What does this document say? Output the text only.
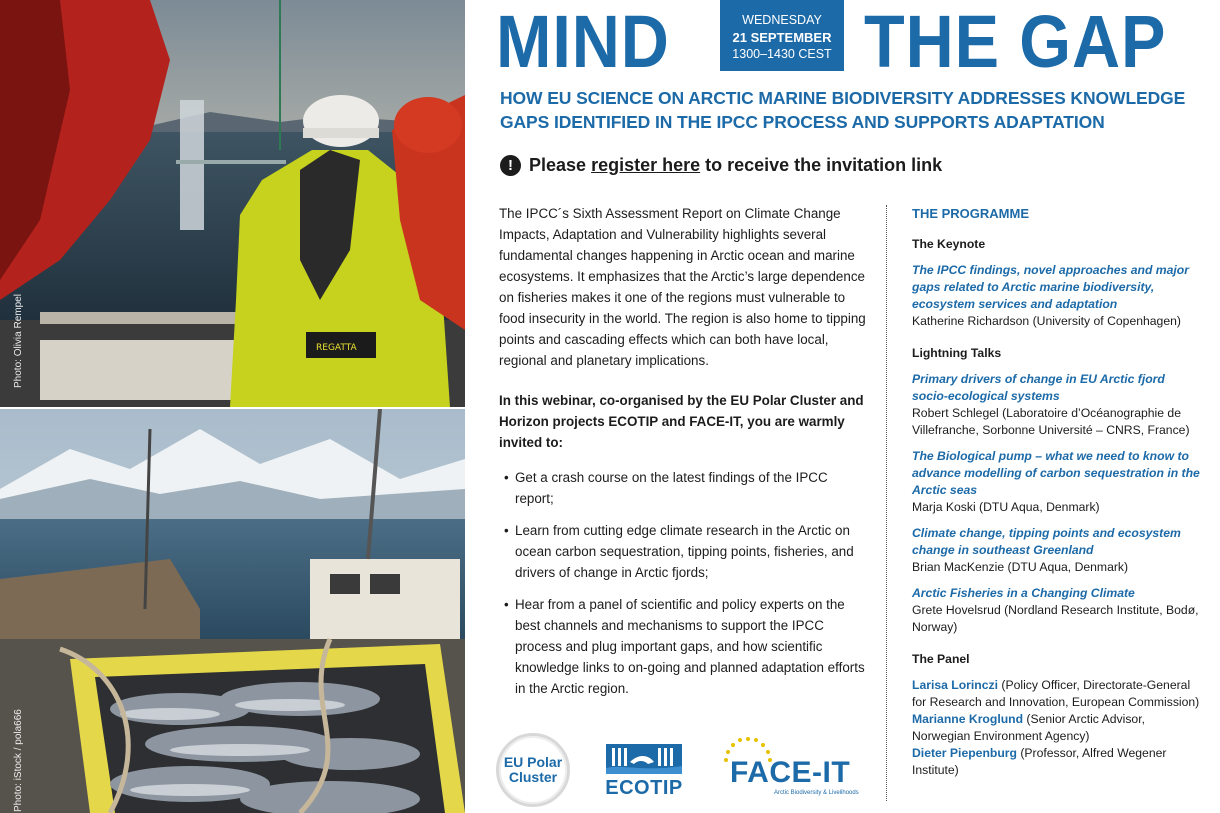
REGATTA
Photo: Olivia Rempel
Photo: iStock / pola666
MIND	WEDNESDAY
21 SEPTEMBER
1300–1430 CEST THE GAP
HOW EU SCIENCE ON ARCTIC MARINE BIODIVERSITY ADDRESSES KNOWLEDGE
GAPS IDENTIFIED IN THE IPCC PROCESS AND SUPPORTS ADAPTATION
! Please register here to receive the invitation link

The IPCC´s Sixth Assessment Report on Climate Change Impacts, Adaptation and Vulnerability highlights several fundamental changes happening in Arctic ocean and marine ecosystems. It emphasizes that the Arctic’s large dependence on fisheries makes it one of the regions must vulnerable to food insecurity in the world. The region is also home to tipping points and cascading effects which can both have local, regional and planetary implications.

In this webinar, co-organised by the EU Polar Cluster and Horizon projects ECOTIP and FACE-IT, you are warmly invited to:

• Get a crash course on the latest findings of the IPCC report;
• Learn from cutting edge climate research in the Arctic on ocean carbon sequestration, tipping points, fisheries, and drivers of change in Arctic fjords;
• Hear from a panel of scientific and policy experts on the best channels and mechanisms to support the IPCC process and plug important gaps, and how scientific knowledge links to on-going and planned adaptation efforts in the Arctic region.
THE PROGRAMME
The Keynote
The IPCC findings, novel approaches and major gaps related to Arctic marine biodiversity, ecosystem services and adaptation
Katherine Richardson (University of Copenhagen)
Lightning Talks
Primary drivers of change in EU Arctic fjord socio-ecological systems
Robert Schlegel (Laboratoire d’Océanographie de Villefranche, Sorbonne Université – CNRS, France)
The Biological pump – what we need to know to advance modelling of carbon sequestration in the Arctic seas
Marja Koski (DTU Aqua, Denmark)
Climate change, tipping points and ecosystem change in southeast Greenland
Brian MacKenzie (DTU Aqua, Denmark)
Arctic Fisheries in a Changing Climate
Grete Hovelsrud (Nordland Research Institute, Bodø, Norway)
The Panel
Larisa Lorinczi (Policy Officer, Directorate-General for Research and Innovation, European Commission)
Marianne Kroglund (Senior Arctic Advisor, Norwegian Environment Agency)
Dieter Piepenburg (Professor, Alfred Wegener Institute)
EU Polar
Cluster ECOTIP FACE-IT
Arctic Biodiversity & Livelihoods
